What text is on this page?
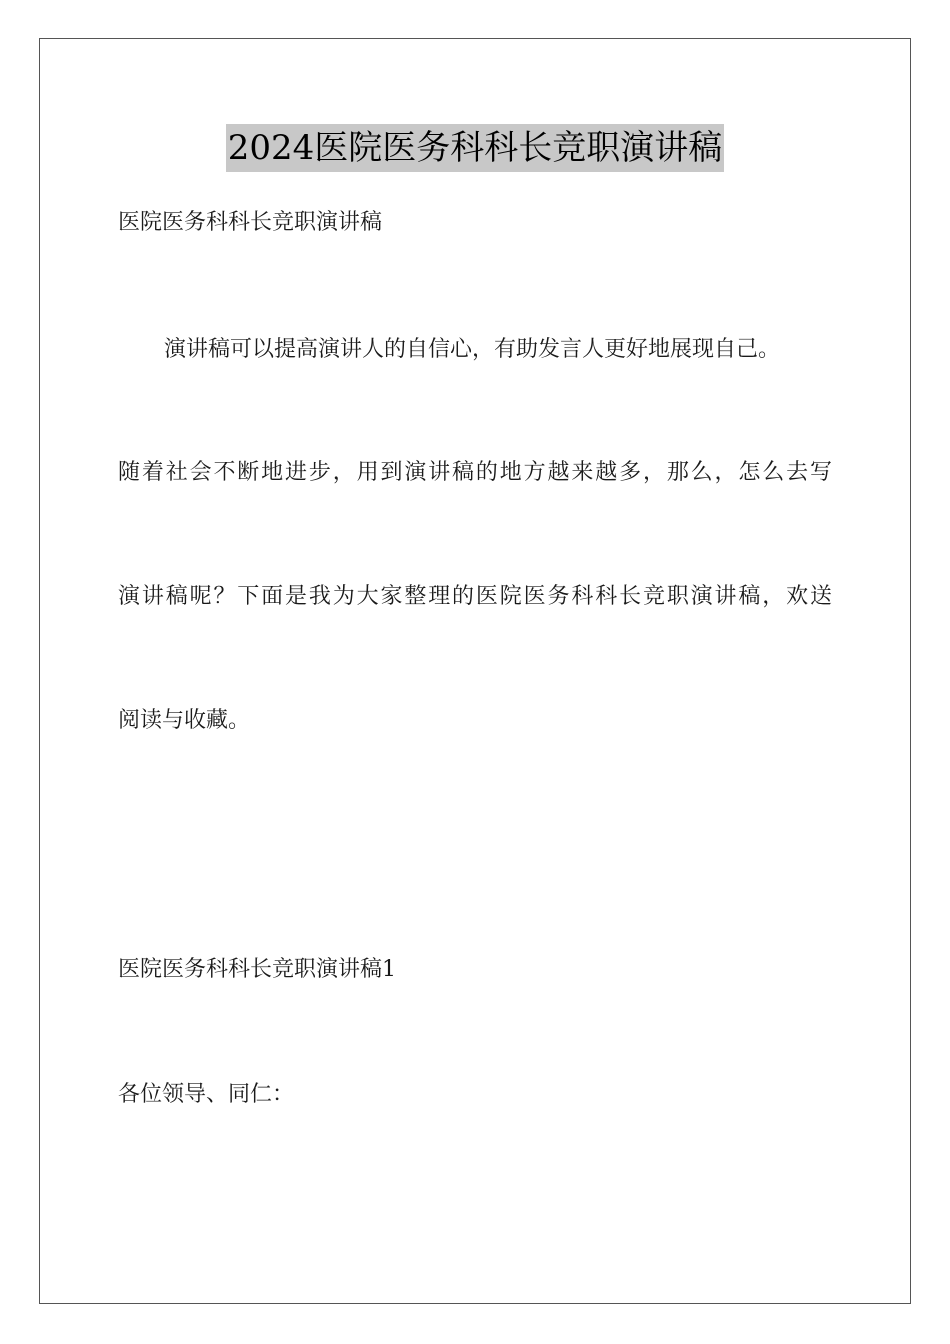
2024医院医务科科长竞职演讲稿
医院医务科科长竞职演讲稿
演讲稿可以提高演讲人的自信心，有助发言人更好地展现自己。
随着社会不断地进步，用到演讲稿的地方越来越多，那么，怎么去写
演讲稿呢？下面是我为大家整理的医院医务科科长竞职演讲稿，欢送
阅读与收藏。
医院医务科科长竞职演讲稿1
各位领导、同仁：
